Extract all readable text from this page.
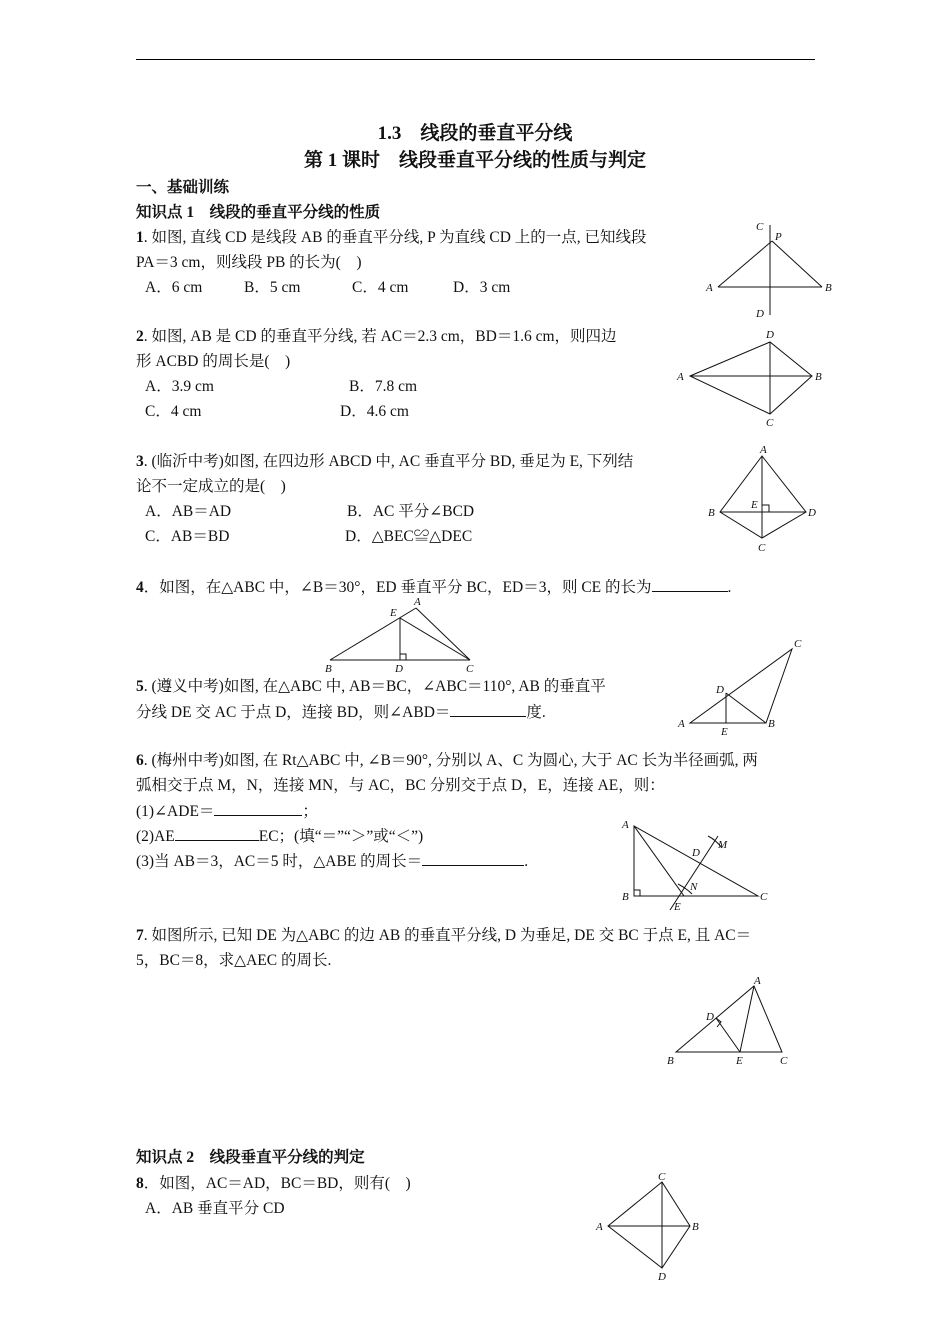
1.3　线段的垂直平分线
第 1 课时　线段垂直平分线的性质与判定
一、基础训练
知识点 1　线段的垂直平分线的性质
1. 如图, 直线 CD 是线段 AB 的垂直平分线, P 为直线 CD 上的一点, 已知线段
PA＝3 cm，则线段 PB 的长为(　)
A．6 cm	B．5 cm	C．4 cm	D．3 cm
C
P
A	B
D
2. 如图, AB 是 CD 的垂直平分线, 若 AC＝2.3 cm，BD＝1.6 cm，则四边
形 ACBD 的周长是(　)
A．3.9 cm	B．7.8 cm
C．4 cm	D．4.6 cm
D
A	B
C
3. (临沂中考)如图, 在四边形 ABCD 中, AC 垂直平分 BD, 垂足为 E, 下列结
论不一定成立的是(　)
A．AB＝AD	B．AC 平分∠BCD
C．AB＝BD	D．△BEC≌△DEC
A
B
E
D
C
4．如图，在△ABC 中，∠B＝30°，ED 垂直平分 BC，ED＝3，则 CE 的长为	.
A
E
B	D	C
5. (遵义中考)如图, 在△ABC 中, AB＝BC，∠ABC＝110°, AB 的垂直平
分线 DE 交 AC 于点 D，连接 BD，则∠ABD＝	度.
C
D
A	B
E
6. (梅州中考)如图, 在 Rt△ABC 中, ∠B＝90°, 分别以 A、C 为圆心, 大于 AC 长为半径画弧, 两
弧相交于点 M，N，连接 MN，与 AC，BC 分别交于点 D，E，连接 AE，则：
(1)∠ADE＝	；
(2)AE	EC；(填“＝”“＞”或“＜”)
(3)当 AB＝3，AC＝5 时，△ABE 的周长＝	.
A
M
D
N
B
E
C
7. 如图所示, 已知 DE 为△ABC 的边 AB 的垂直平分线, D 为垂足, DE 交 BC 于点 E, 且 AC＝
5，BC＝8，求△AEC 的周长.
A
D
B	E	C
知识点 2　线段垂直平分线的判定
8．如图，AC＝AD，BC＝BD，则有(　)
A．AB 垂直平分 CD
C
A	B
D
